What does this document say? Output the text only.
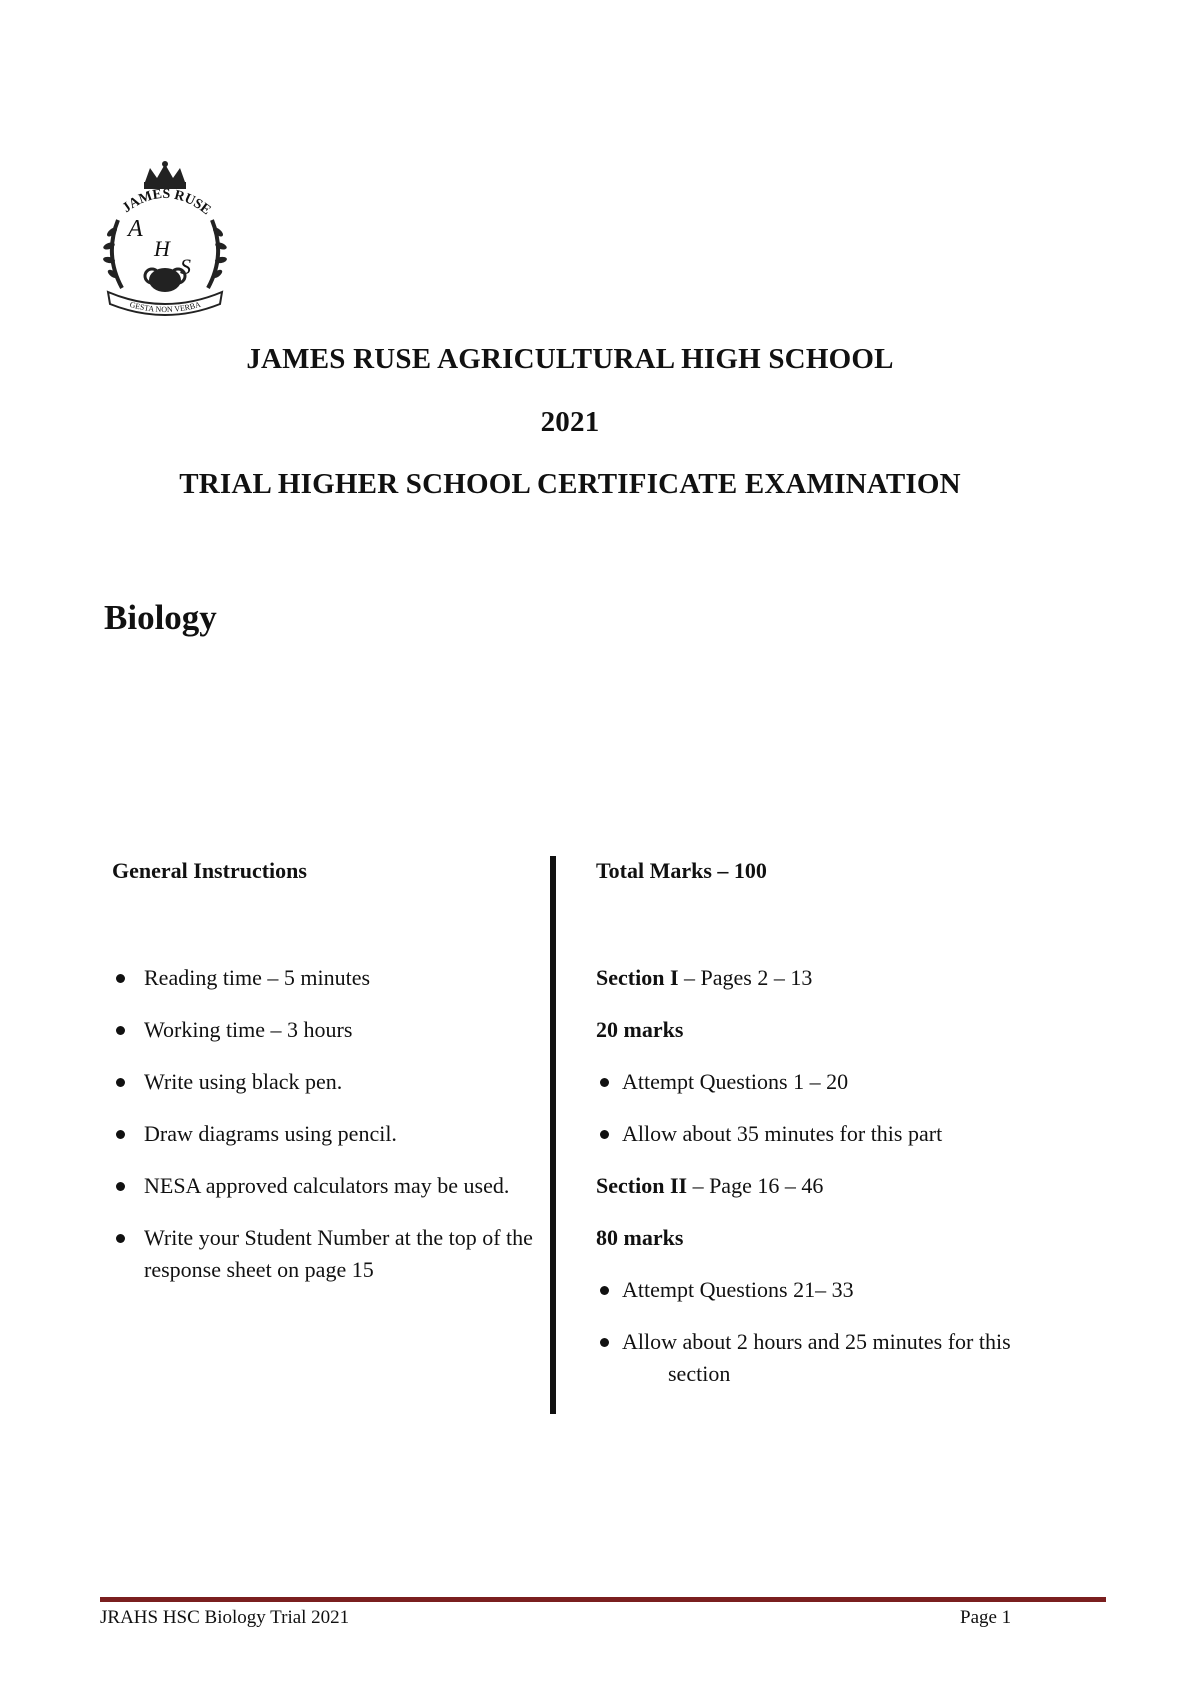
JAMES RUSE
A
H
S
GESTA NON VERBA
JAMES RUSE AGRICULTURAL HIGH SCHOOL
2021
TRIAL HIGHER SCHOOL CERTIFICATE EXAMINATION
Biology
General Instructions
Reading time – 5 minutes
Working time – 3 hours
Write using black pen.
Draw diagrams using pencil.
NESA approved calculators may be used.
Write your Student Number at the top of the response sheet on page 15
Total Marks – 100
Section I – Pages 2 – 13
20 marks
Attempt Questions 1 – 20
Allow about 35 minutes for this part
Section II – Page 16 – 46
80 marks
Attempt Questions 21– 33
Allow about 2 hours and 25 minutes for this
section
JRAHS HSC Biology Trial 2021	Page 1
